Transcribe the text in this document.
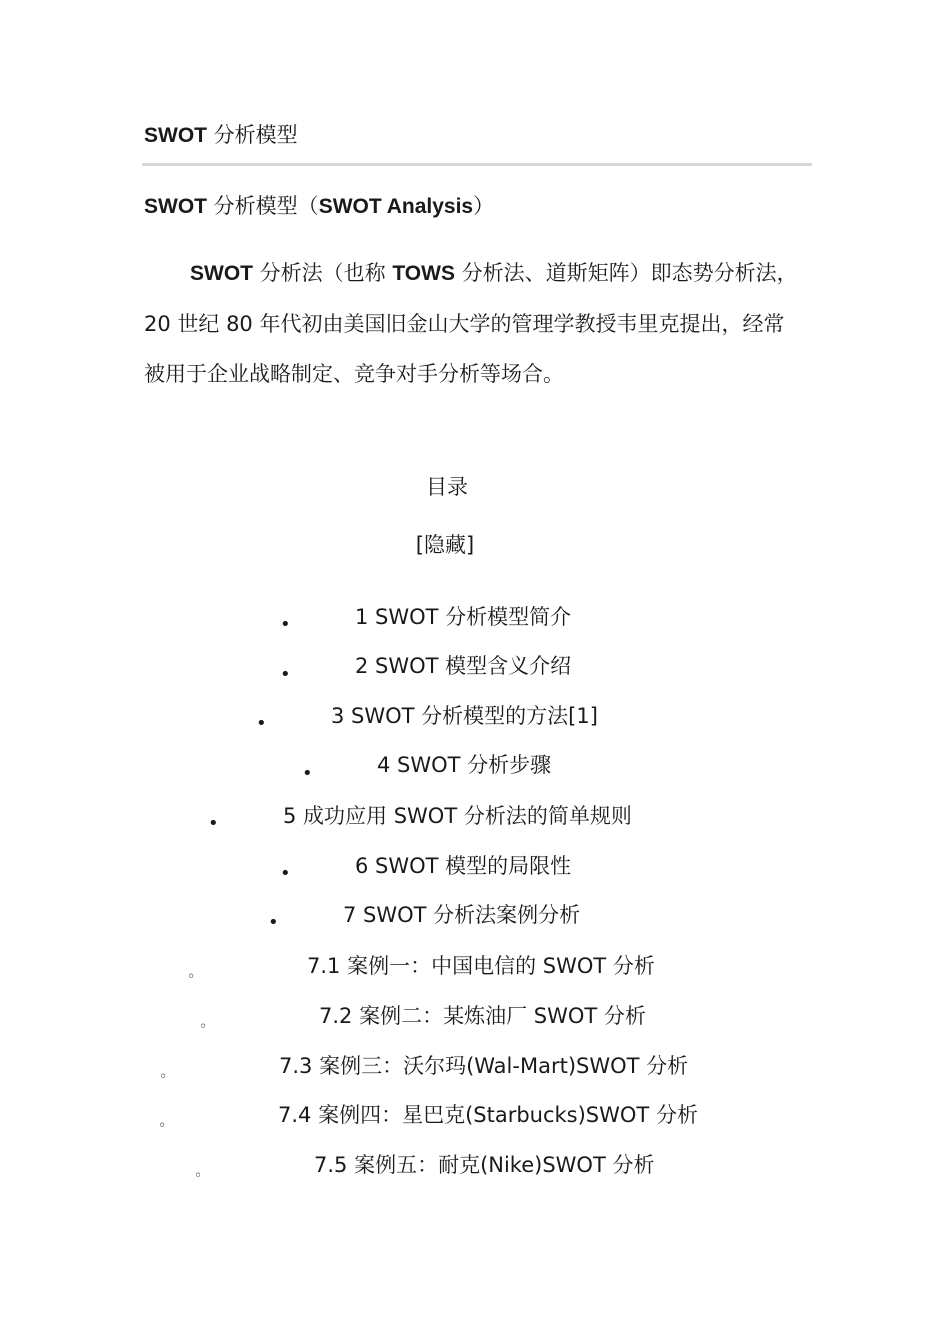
SWOT 分析模型
SWOT 分析模型（SWOT Analysis）
SWOT 分析法（也称 TOWS 分析法、道斯矩阵）即态势分析法，
20 世纪 80 年代初由美国旧金山大学的管理学教授韦里克提出，经常
被用于企业战略制定、竞争对手分析等场合。
目录
[隐藏]
•	1 SWOT 分析模型简介
•	2 SWOT 模型含义介绍
•	3 SWOT 分析模型的方法[1]
•	4 SWOT 分析步骤
•	5 成功应用 SWOT 分析法的简单规则
•	6 SWOT 模型的局限性
•	7 SWOT 分析法案例分析
◦	7.1 案例一：中国电信的 SWOT 分析
◦	7.2 案例二：某炼油厂 SWOT 分析
◦	7.3 案例三：沃尔玛(Wal-Mart)SWOT 分析
◦	7.4 案例四：星巴克(Starbucks)SWOT 分析
◦	7.5 案例五：耐克(Nike)SWOT 分析
